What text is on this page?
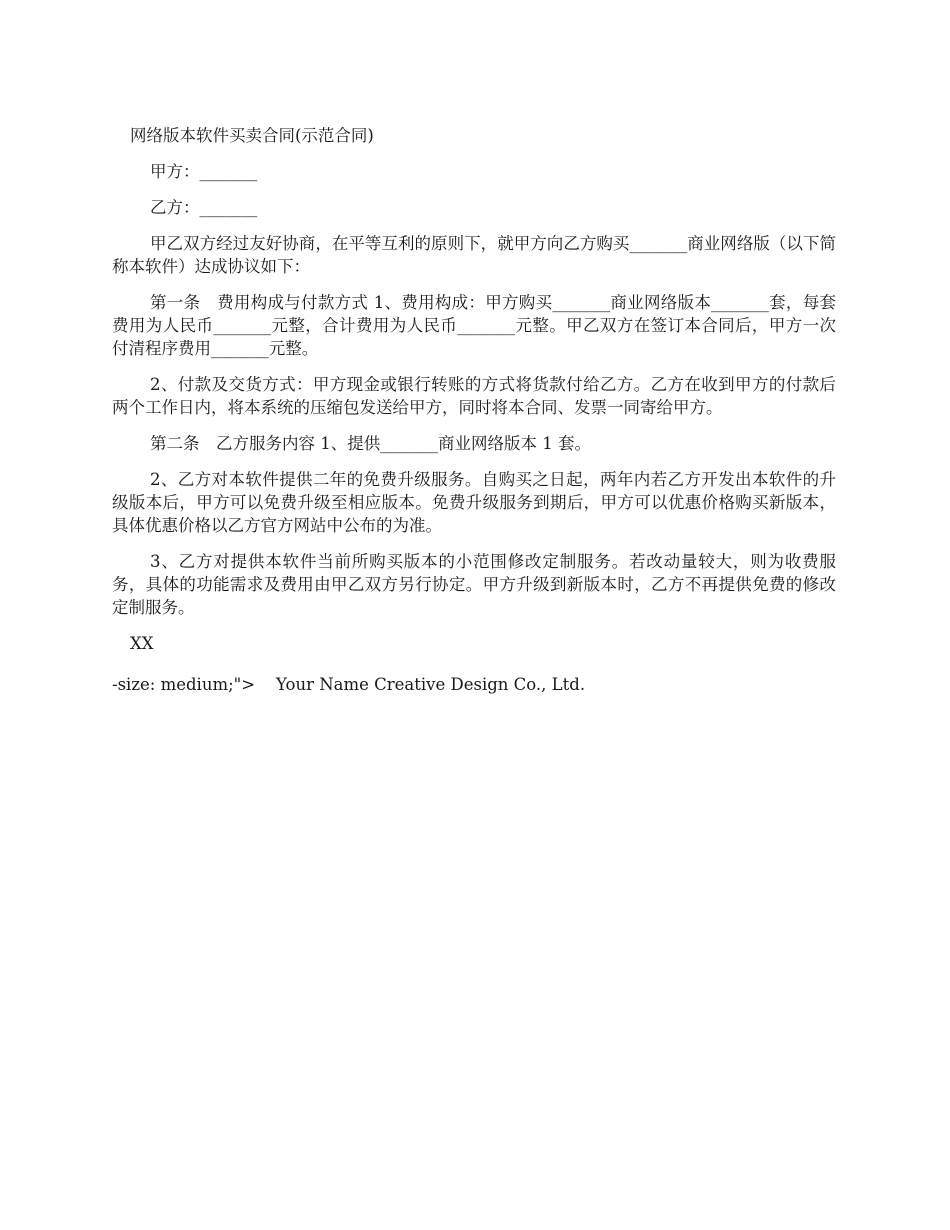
网络版本软件买卖合同(示范合同)

甲方：_______

乙方：_______

甲乙双方经过友好协商，在平等互利的原则下，就甲方向乙方购买_______商业网络版（以下简称本软件）达成协议如下：

第一条　费用构成与付款方式 1、费用构成：甲方购买_______商业网络版本_______套，每套费用为人民币_______元整，合计费用为人民币_______元整。甲乙双方在签订本合同后，甲方一次付清程序费用_______元整。

2、付款及交货方式：甲方现金或银行转账的方式将货款付给乙方。乙方在收到甲方的付款后两个工作日内，将本系统的压缩包发送给甲方，同时将本合同、发票一同寄给甲方。

第二条　乙方服务内容 1、提供_______商业网络版本 1 套。

2、乙方对本软件提供二年的免费升级服务。自购买之日起，两年内若乙方开发出本软件的升级版本后，甲方可以免费升级至相应版本。免费升级服务到期后，甲方可以优惠价格购买新版本，具体优惠价格以乙方官方网站中公布的为准。

3、乙方对提供本软件当前所购买版本的小范围修改定制服务。若改动量较大，则为收费服务，具体的功能需求及费用由甲乙双方另行协定。甲方升级到新版本时，乙方不再提供免费的修改定制服务。

XX

-size: medium;">    Your Name Creative Design Co., Ltd.
